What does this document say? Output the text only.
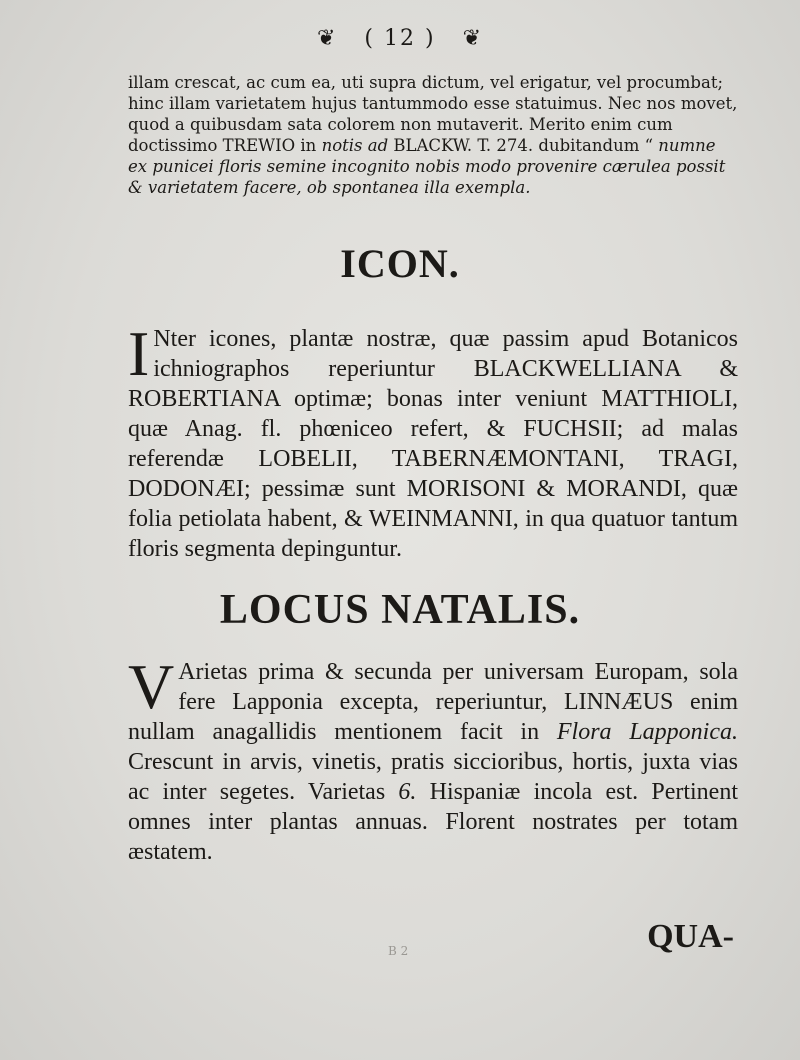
❦ ( 12 ) ❦
illam crescat, ac cum ea, uti supra dictum, vel erigatur, vel procumbat; hinc illam varietatem hujus tantummodo esse statuimus. Nec nos movet, quod a quibusdam sata colorem non mutaverit. Merito enim cum doctissimo TREWIO in notis ad BLACKW. T. 274. dubitandum “ numne ex punicei floris semine incognito nobis modo provenire cærulea possit & varietatem facere, ob spontanea illa exempla.
ICON.
I Nter icones, plantæ nostræ, quæ passim apud Botanicos ichniographos reperiuntur BLACKWELLIANA & ROBERTIANA optimæ; bonas inter veniunt MATTHIOLI, quæ Anag. fl. phœniceo refert, & FUCHSII; ad malas referendæ LOBELII, TABERNÆMONTANI, TRAGI, DODONÆI; pessimæ sunt MORISONI & MORANDI, quæ folia petiolata habent, & WEINMANNI, in qua quatuor tantum floris segmenta depinguntur.
LOCUS NATALIS.
V Arietas prima & secunda per universam Europam, sola fere Lapponia excepta, reperiuntur, LINNÆUS enim nullam anagallidis mentionem facit in Flora Lapponica. Crescunt in arvis, vinetis, pratis siccioribus, hortis, juxta vias ac inter segetes. Varietas 6. Hispaniæ incola est. Pertinent omnes inter plantas annuas. Florent nostrates per totam æstatem.
B 2	QUA-
